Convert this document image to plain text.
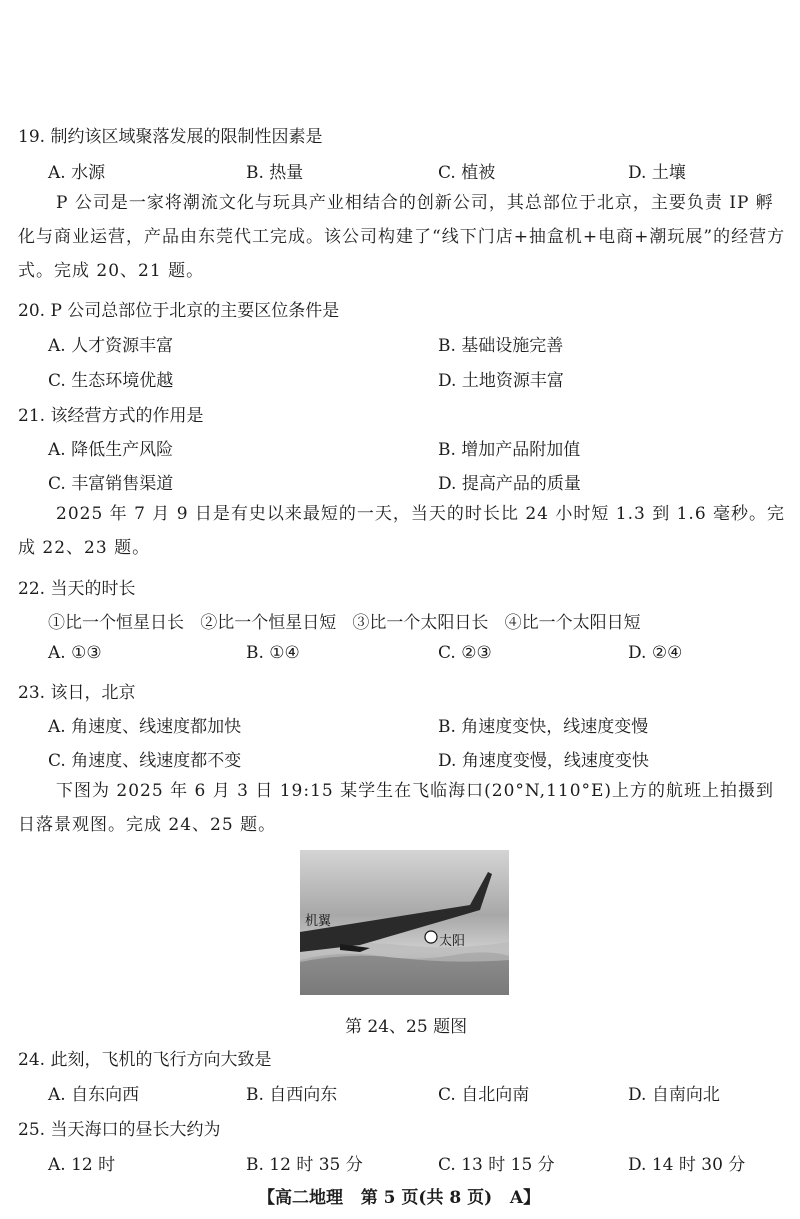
19. 制约该区域聚落发展的限制性因素是
A. 水源	B. 热量	C. 植被	D. 土壤
P 公司是一家将潮流文化与玩具产业相结合的创新公司，其总部位于北京，主要负责 IP 孵化与商业运营，产品由东莞代工完成。该公司构建了“线下门店+抽盒机+电商+潮玩展”的经营方式。完成 20、21 题。
20. P 公司总部位于北京的主要区位条件是
A. 人才资源丰富	B. 基础设施完善
C. 生态环境优越	D. 土地资源丰富
21. 该经营方式的作用是
A. 降低生产风险	B. 增加产品附加值
C. 丰富销售渠道	D. 提高产品的质量
2025 年 7 月 9 日是有史以来最短的一天，当天的时长比 24 小时短 1.3 到 1.6 毫秒。完成 22、23 题。
22. 当天的时长
①比一个恒星日长   ②比一个恒星日短   ③比一个太阳日长   ④比一个太阳日短
A. ①③	B. ①④	C. ②③	D. ②④
23. 该日，北京
A. 角速度、线速度都加快	B. 角速度变快，线速度变慢
C. 角速度、线速度都不变	D. 角速度变慢，线速度变快
下图为 2025 年 6 月 3 日 19:15 某学生在飞临海口(20°N,110°E)上方的航班上拍摄到日落景观图。完成 24、25 题。
机翼
太阳
第 24、25 题图
24. 此刻，飞机的飞行方向大致是
A. 自东向西	B. 自西向东	C. 自北向南	D. 自南向北
25. 当天海口的昼长大约为
A. 12 时	B. 12 时 35 分	C. 13 时 15 分	D. 14 时 30 分
【高二地理   第 5 页(共 8 页)   A】
